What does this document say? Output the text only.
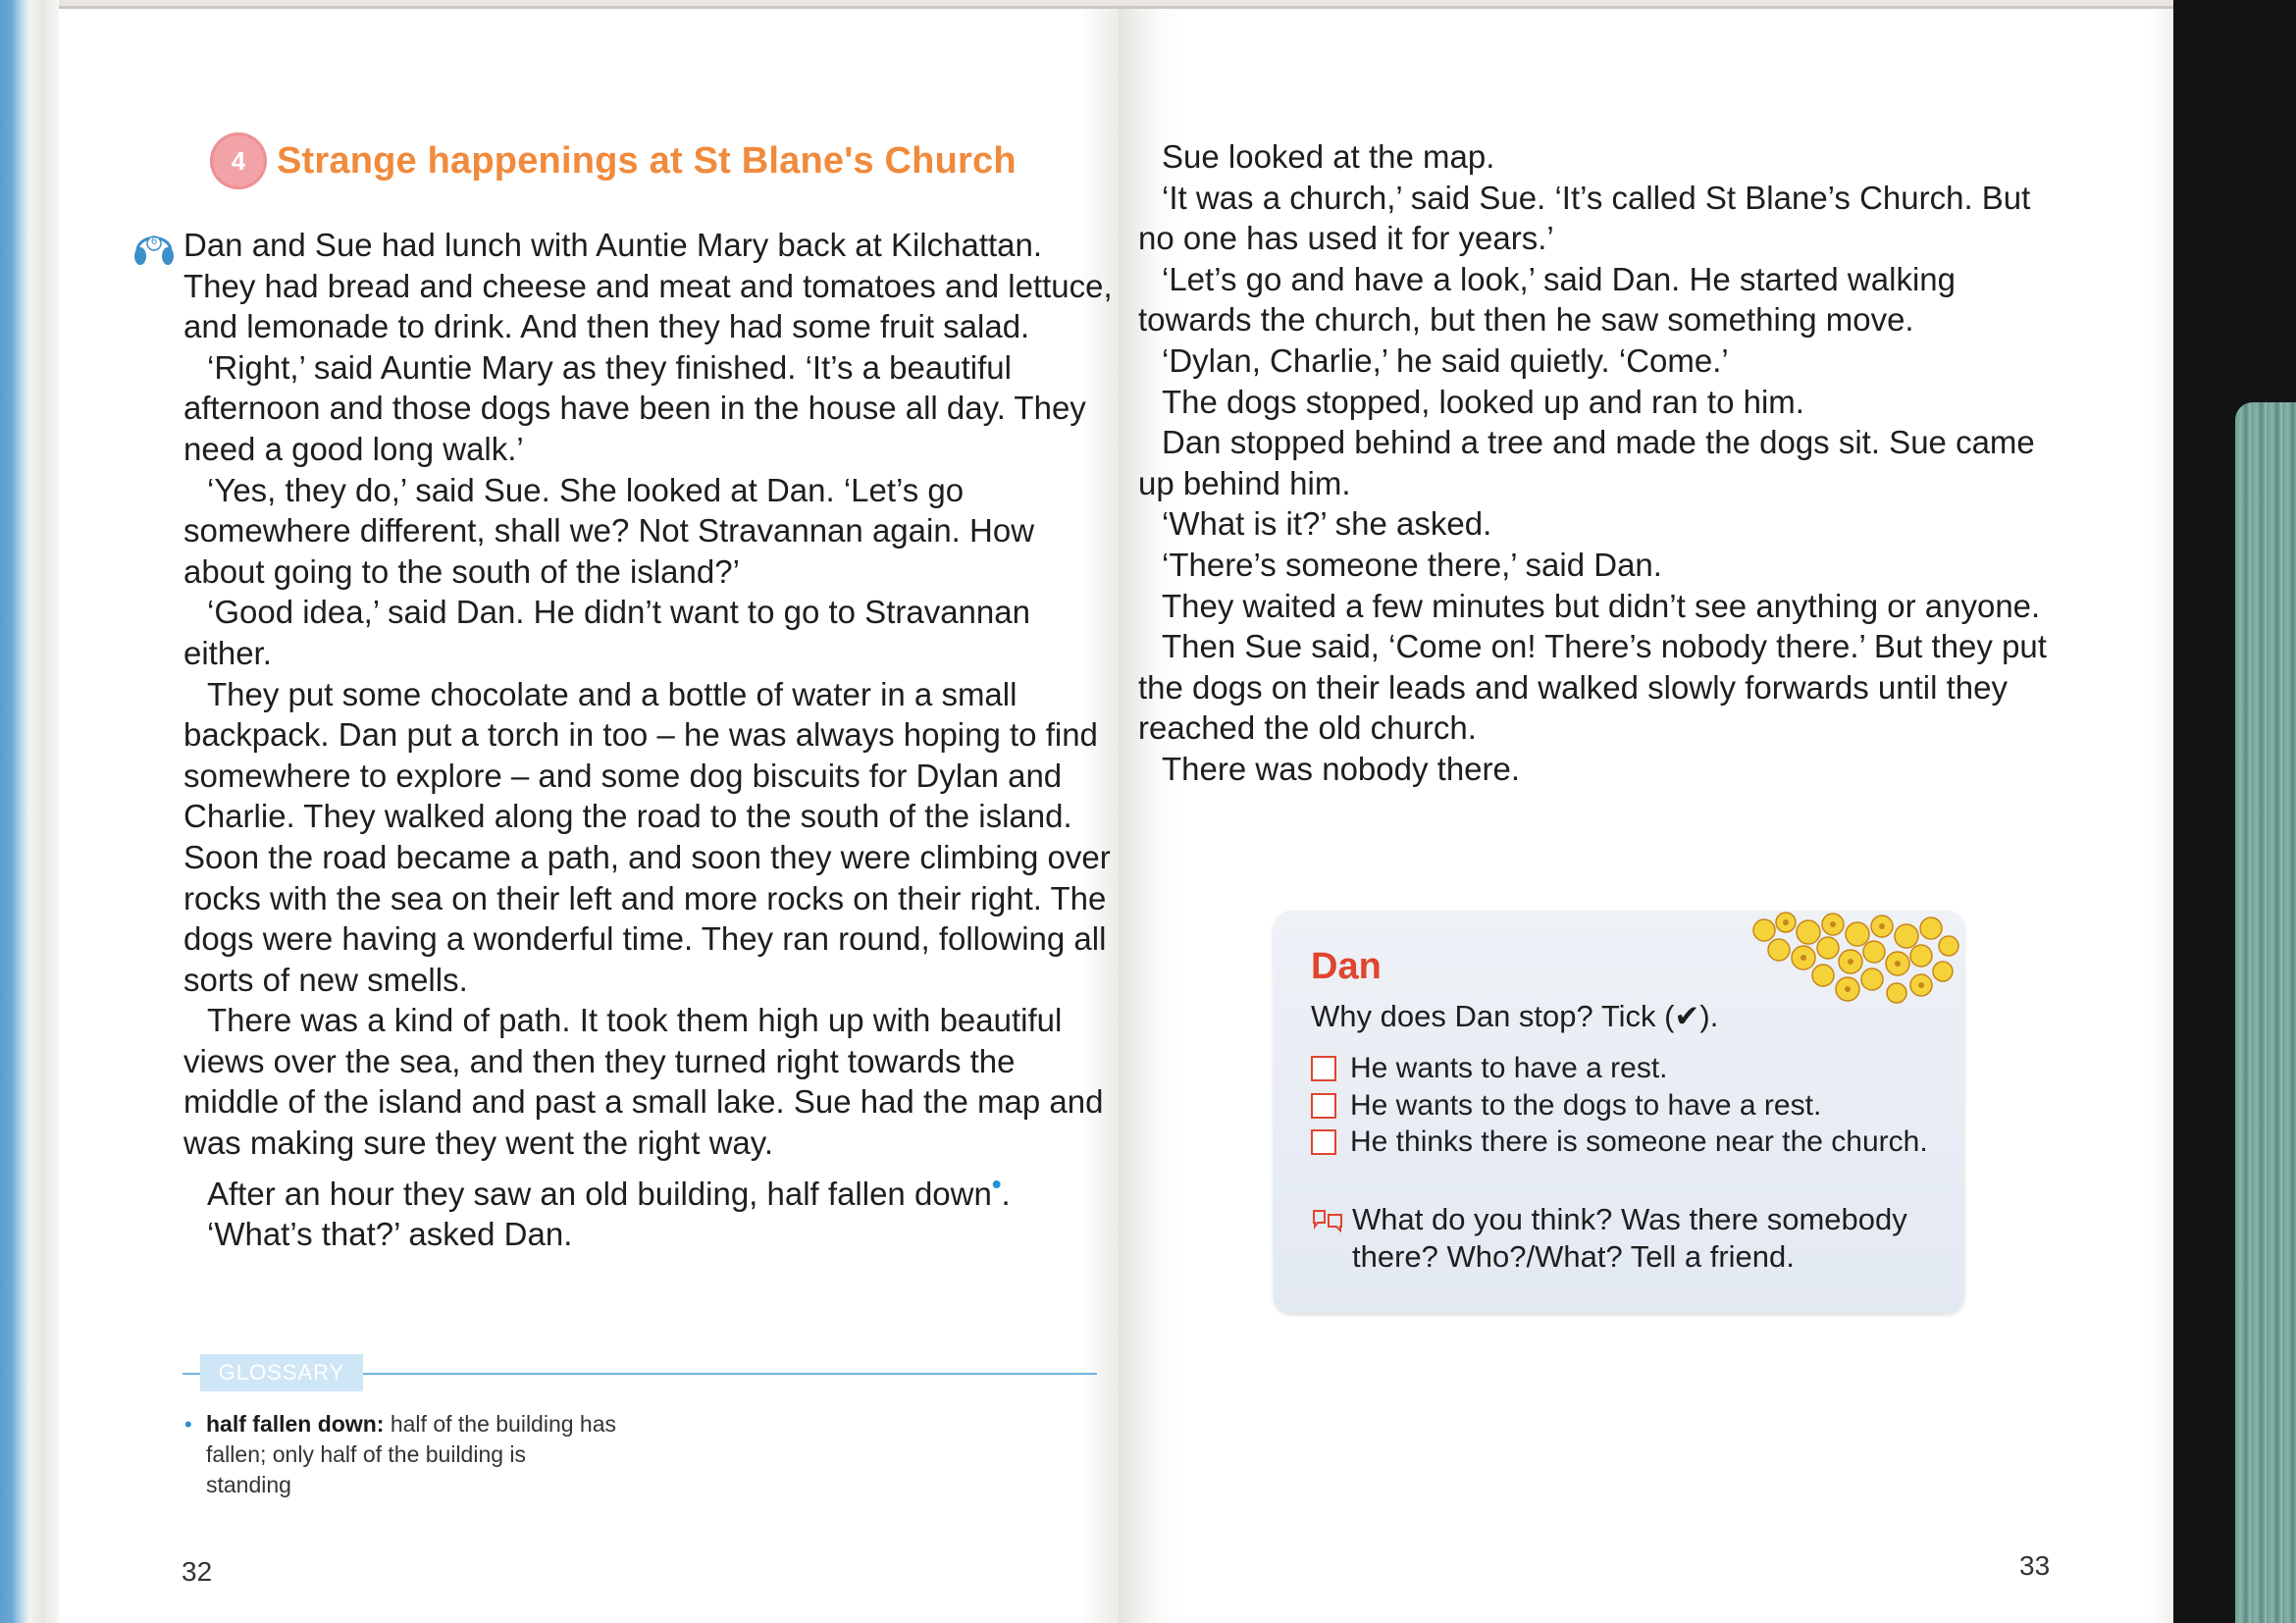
4 Strange happenings at St Blane's Church
6 Dan and Sue had lunch with Auntie Mary back at Kilchattan. They had bread and cheese and meat and tomatoes and lettuce, and lemonade to drink. And then they had some fruit salad.

‘Right,’ said Auntie Mary as they finished. ‘It’s a beautiful afternoon and those dogs have been in the house all day. They need a good long walk.’

‘Yes, they do,’ said Sue. She looked at Dan. ‘Let’s go somewhere different, shall we? Not Stravannan again. How about going to the south of the island?’

‘Good idea,’ said Dan. He didn’t want to go to Stravannan either.

They put some chocolate and a bottle of water in a small backpack. Dan put a torch in too – he was always hoping to find somewhere to explore – and some dog biscuits for Dylan and Charlie. They walked along the road to the south of the island. Soon the road became a path, and soon they were climbing over rocks with the sea on their left and more rocks on their right. The dogs were having a wonderful time. They ran round, following all sorts of new smells.

There was a kind of path. It took them high up with beautiful views over the sea, and then they turned right towards the middle of the island and past a small lake. Sue had the map and was making sure they went the right way.

After an hour they saw an old building, half fallen down•.

‘What’s that?’ asked Dan.

GLOSSARY
• half fallen down: half of the building has fallen; only half of the building is standing
32

Sue looked at the map.

‘It was a church,’ said Sue. ‘It’s called St Blane’s Church. But no one has used it for years.’

‘Let’s go and have a look,’ said Dan. He started walking towards the church, but then he saw something move.

‘Dylan, Charlie,’ he said quietly. ‘Come.’

The dogs stopped, looked up and ran to him.

Dan stopped behind a tree and made the dogs sit. Sue came up behind him.

‘What is it?’ she asked.

‘There’s someone there,’ said Dan.

They waited a few minutes but didn’t see anything or anyone.

Then Sue said, ‘Come on! There’s nobody there.’ But they put the dogs on their leads and walked slowly forwards until they reached the old church.

There was nobody there.

Dan
Why does Dan stop? Tick (✔).
He wants to have a rest.
He wants to the dogs to have a rest.
He thinks there is someone near the church.
What do you think? Was there somebody there? Who?/What? Tell a friend.
33
